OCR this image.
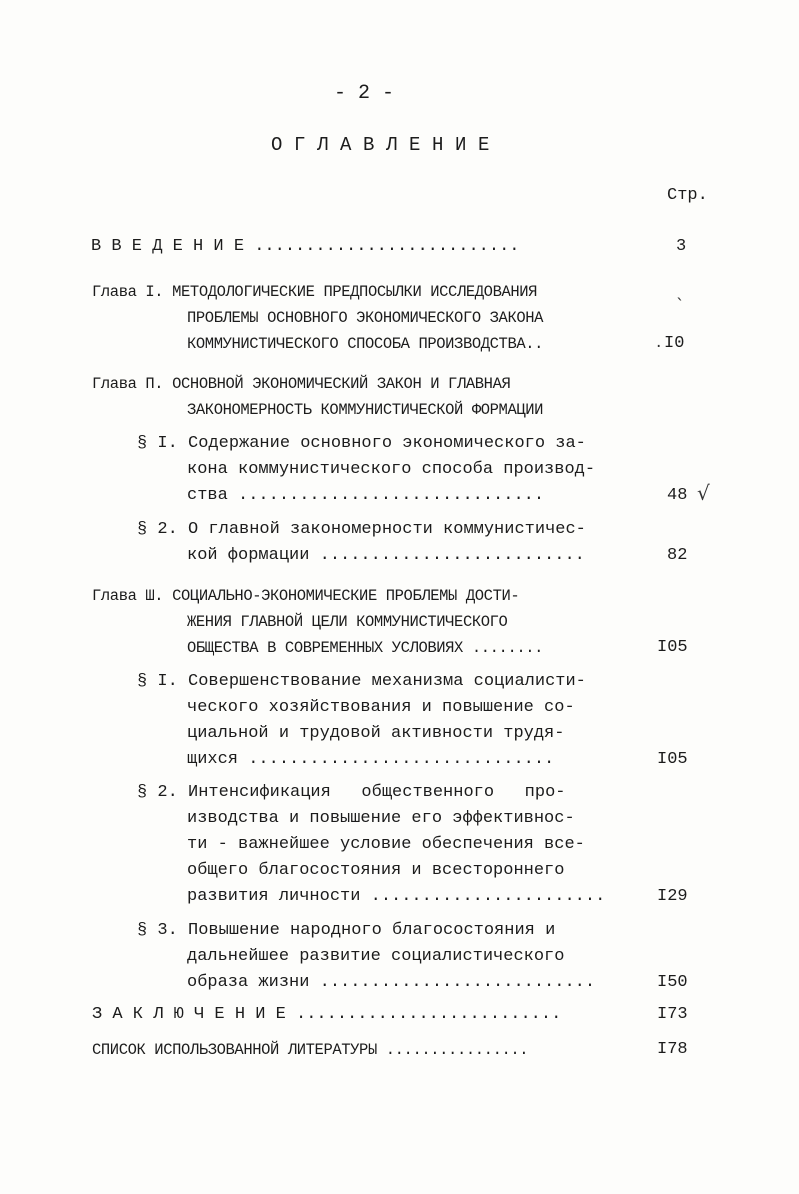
- 2 -
О Г Л А В Л Е Н И Е
Стр.
В В Е Д Е Н И Е ..........................	3
Глава I. МЕТОДОЛОГИЧЕСКИЕ ПРЕДПОСЫЛКИ ИССЛЕДОВАНИЯ
ПРОБЛЕМЫ ОСНОВНОГО ЭКОНОМИЧЕСКОГО ЗАКОНА
КОММУНИСТИЧЕСКОГО СПОСОБА ПРОИЗВОДСТВА..
ˋ
. I0
Глава П. ОСНОВНОЙ ЭКОНОМИЧЕСКИЙ ЗАКОН И ГЛАВНАЯ
ЗАКОНОМЕРНОСТЬ КОММУНИСТИЧЕСКОЙ ФОРМАЦИИ
§ I. Содержание основного экономического за-
кона коммунистического способа производ-
ства ..............................	48 √
§ 2. О главной закономерности коммунистичес-
кой формации ..........................	82
Глава Ш. СОЦИАЛЬНО-ЭКОНОМИЧЕСКИЕ ПРОБЛЕМЫ ДОСТИ-
ЖЕНИЯ ГЛАВНОЙ ЦЕЛИ КОММУНИСТИЧЕСКОГО
ОБЩЕСТВА В СОВРЕМЕННЫХ УСЛОВИЯХ ........	I05
§ I. Совершенствование механизма социалисти-
ческого хозяйствования и повышение со-
циальной и трудовой активности трудя-
щихся ..............................	I05
§ 2. Интенсификация   общественного   про-
изводства и повышение его эффективнос-
ти - важнейшее условие обеспечения все-
общего благосостояния и всестороннего
развития личности .......................	I29
§ 3. Повышение народного благосостояния и
дальнейшее развитие социалистического
образа жизни ...........................	I50
З А К Л Ю Ч Е Н И Е ..........................	I73
СПИСОК ИСПОЛЬЗОВАННОЙ ЛИТЕРАТУРЫ ................	I78
